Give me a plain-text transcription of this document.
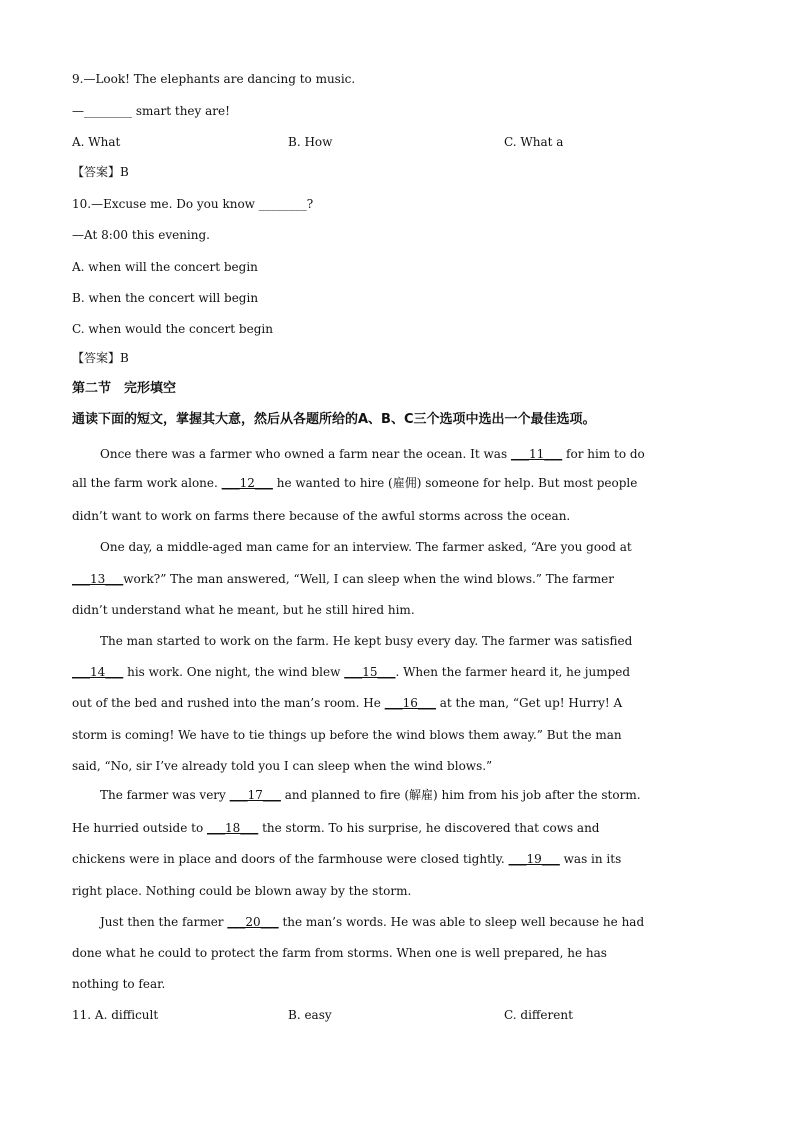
9.—Look! The elephants are dancing to music.
—________ smart they are!
A. What	B. How	C. What a
【答案】B
10.—Excuse me. Do you know ________?
—At 8:00 this evening.
A. when will the concert begin
B. when the concert will begin
C. when would the concert begin
【答案】B
第二节　完形填空
通读下面的短文，掌握其大意，然后从各题所给的A、B、C三个选项中选出一个最佳选项。
Once there was a farmer who owned a farm near the ocean. It was ___11___ for him to do
all the farm work alone. ___12___ he wanted to hire (雇佣) someone for help. But most people
didn’t want to work on farms there because of the awful storms across the ocean.
One day, a middle-aged man came for an interview. The farmer asked, “Are you good at
___13___work?” The man answered, “Well, I can sleep when the wind blows.” The farmer
didn’t understand what he meant, but he still hired him.
The man started to work on the farm. He kept busy every day. The farmer was satisfied
___14___ his work. One night, the wind blew ___15___. When the farmer heard it, he jumped
out of the bed and rushed into the man’s room. He ___16___ at the man, “Get up! Hurry! A
storm is coming! We have to tie things up before the wind blows them away.” But the man
said, “No, sir I’ve already told you I can sleep when the wind blows.”
The farmer was very ___17___ and planned to fire (解雇) him from his job after the storm.
He hurried outside to ___18___ the storm. To his surprise, he discovered that cows and
chickens were in place and doors of the farmhouse were closed tightly. ___19___ was in its
right place. Nothing could be blown away by the storm.
Just then the farmer ___20___ the man’s words. He was able to sleep well because he had
done what he could to protect the farm from storms. When one is well prepared, he has
nothing to fear.
11. A. difficult	B. easy	C. different
